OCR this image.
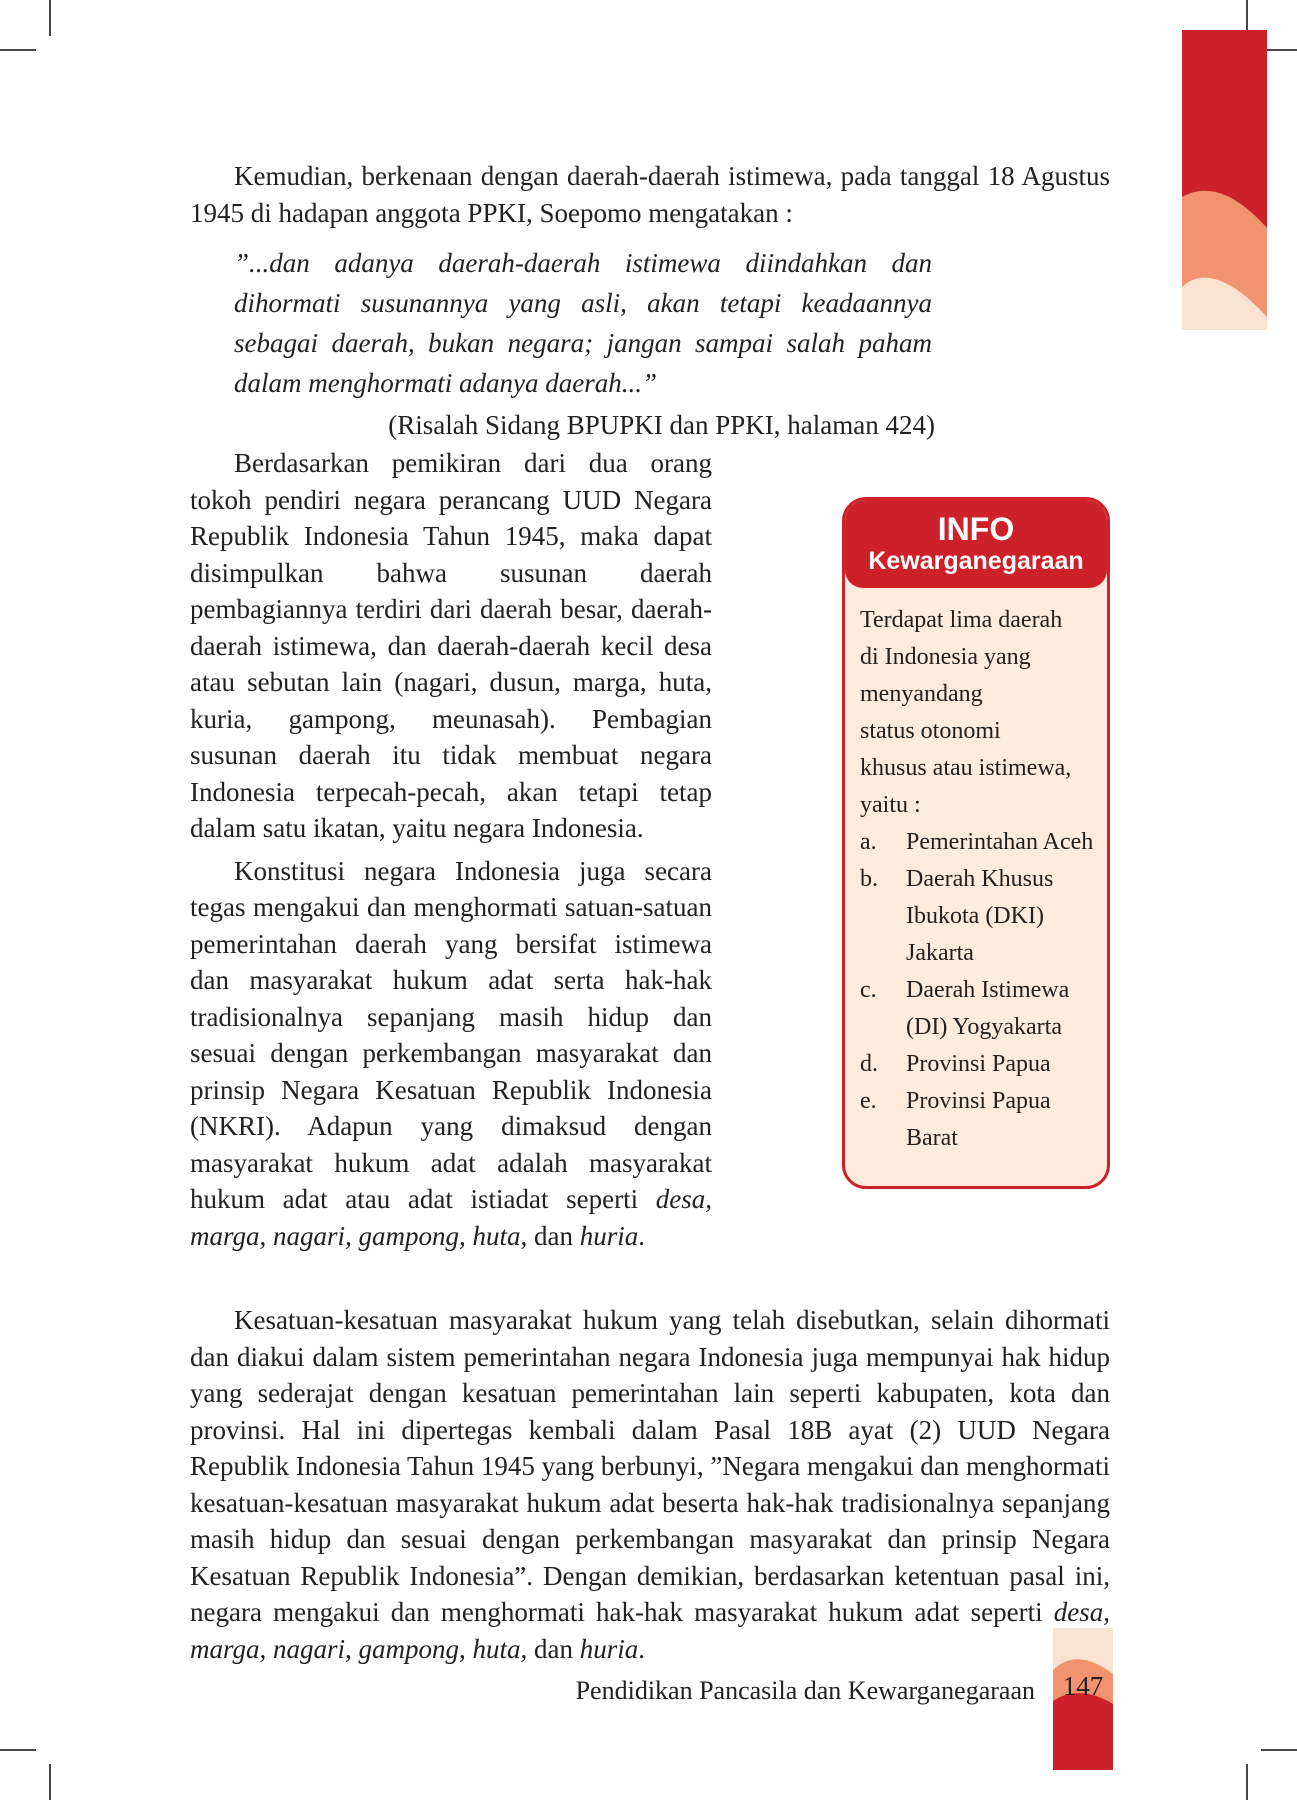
Kemudian, berkenaan dengan daerah-daerah istimewa, pada tanggal 18 Agustus 1945 di hadapan anggota PPKI, Soepomo mengatakan :

”...dan adanya daerah-daerah istimewa diindahkan dan dihormati susunannya yang asli, akan tetapi keadaannya sebagai daerah, bukan negara; jangan sampai salah paham dalam menghormati adanya daerah...”
(Risalah Sidang BPUPKI dan PPKI, halaman 424)
INFO
Kewarganegaraan
Terdapat lima daerah
di Indonesia yang
menyandang
status otonomi
khusus atau istimewa,
yaitu :
a.	Pemerintahan Aceh
b.	Daerah Khusus Ibukota (DKI) Jakarta
c.	Daerah Istimewa (DI) Yogyakarta
d.	Provinsi Papua
e.	Provinsi Papua Barat

Berdasarkan pemikiran dari dua orang tokoh pendiri negara perancang UUD Negara Republik Indonesia Tahun 1945, maka dapat disimpulkan bahwa susunan daerah pembagiannya terdiri dari daerah besar, daerah-daerah istimewa, dan daerah-daerah kecil desa atau sebutan lain (nagari, dusun, marga, huta, kuria, gampong, meunasah). Pembagian susunan daerah itu tidak membuat negara Indonesia terpecah-pecah, akan tetapi tetap dalam satu ikatan, yaitu negara Indonesia.

Konstitusi negara Indonesia juga secara tegas mengakui dan menghormati satuan-satuan pemerintahan daerah yang bersifat istimewa dan masyarakat hukum adat serta hak-hak tradisionalnya sepanjang masih hidup dan sesuai dengan perkembangan masyarakat dan prinsip Negara Kesatuan Republik Indonesia (NKRI). Adapun yang dimaksud dengan masyarakat hukum adat adalah masyarakat hukum adat atau adat istiadat seperti desa, marga, nagari, gampong, huta, dan huria.

Kesatuan-kesatuan masyarakat hukum yang telah disebutkan, selain dihormati dan diakui dalam sistem pemerintahan negara Indonesia juga mempunyai hak hidup yang sederajat dengan kesatuan pemerintahan lain seperti kabupaten, kota dan provinsi. Hal ini dipertegas kembali dalam Pasal 18B ayat (2) UUD Negara Republik Indonesia Tahun 1945 yang berbunyi, ”Negara mengakui dan menghormati kesatuan-kesatuan masyarakat hukum adat beserta hak-hak tradisionalnya sepanjang masih hidup dan sesuai dengan perkembangan masyarakat dan prinsip Negara Kesatuan Republik Indonesia”. Dengan demikian, berdasarkan ketentuan pasal ini, negara mengakui dan menghormati hak-hak masyarakat hukum adat seperti desa, marga, nagari, gampong, huta, dan huria.

Pendidikan Pancasila dan Kewarganegaraan	147
